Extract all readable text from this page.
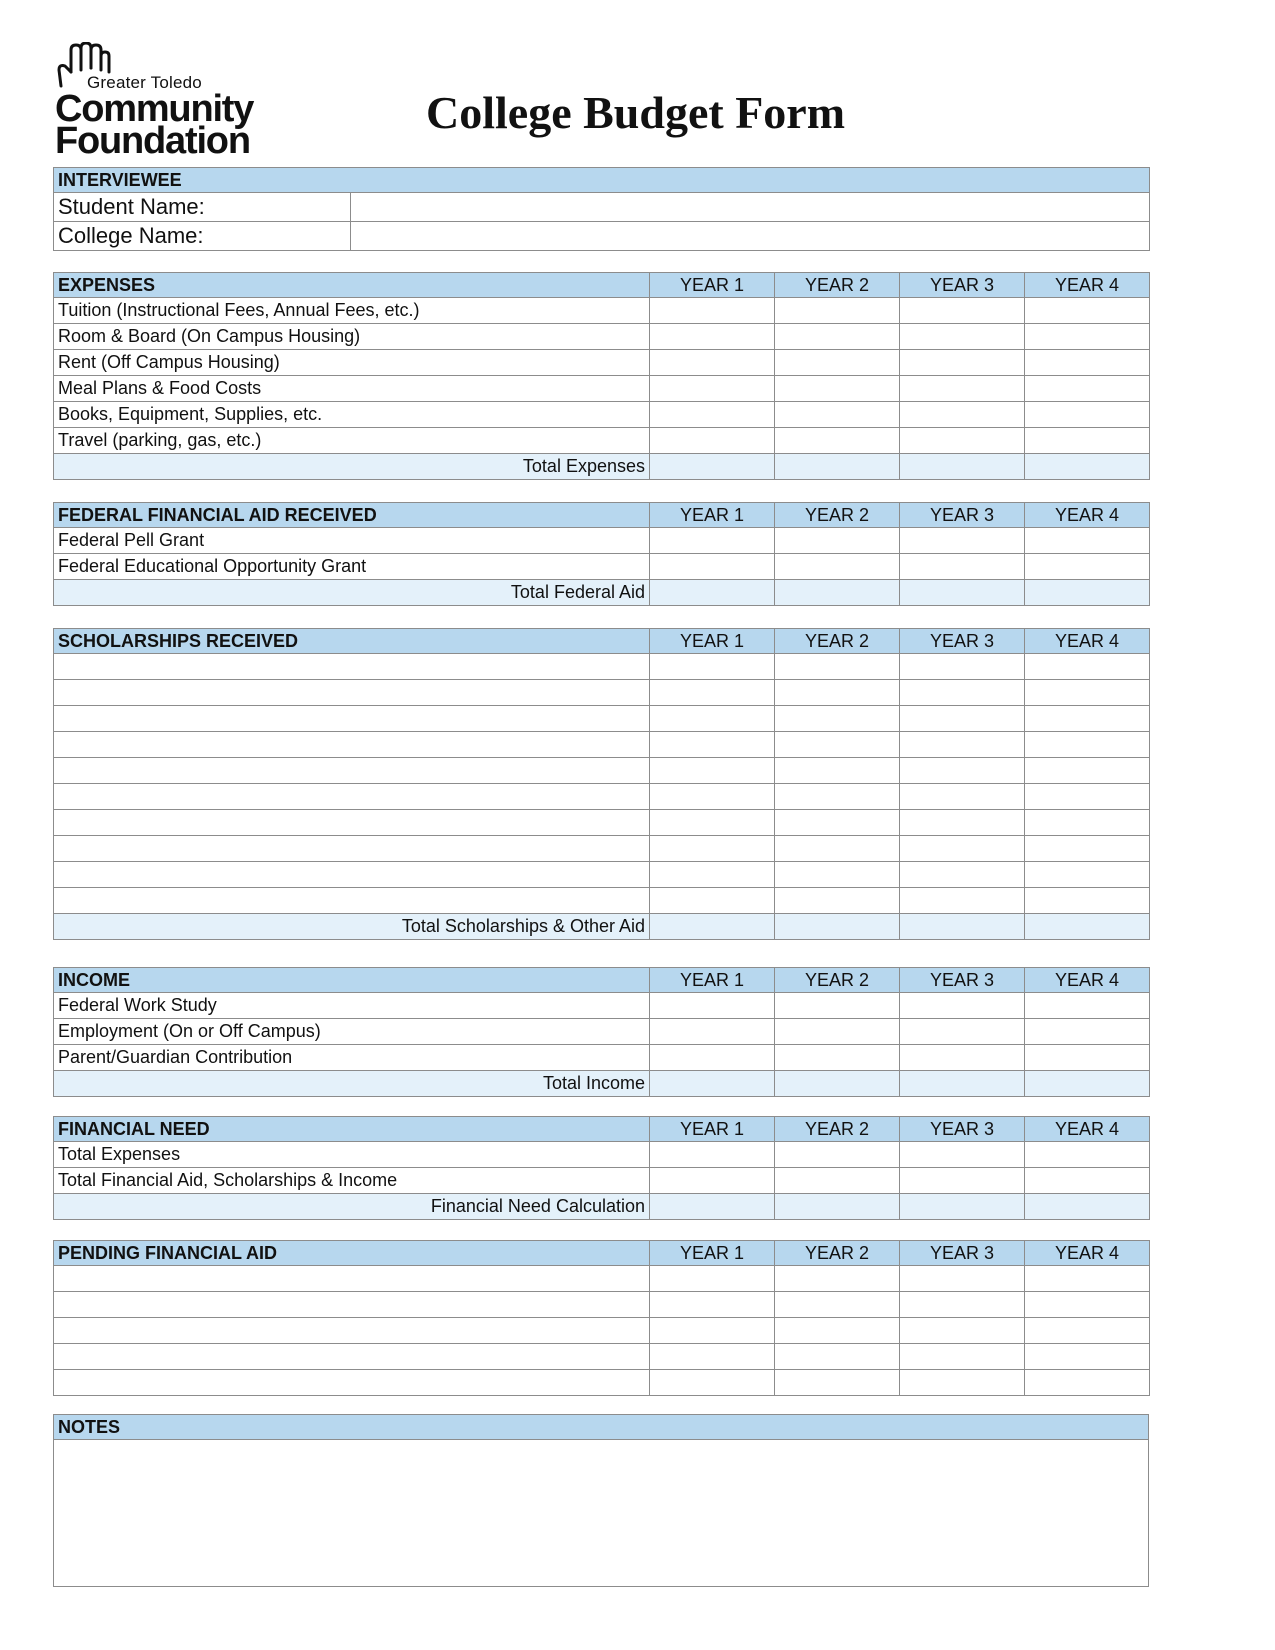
Greater Toledo
Community
Foundation
College Budget Form
INTERVIEWEE	
Student Name:	
College Name:	
EXPENSES	YEAR 1	YEAR 2	YEAR 3	YEAR 4
Tuition (Instructional Fees, Annual Fees, etc.)				
Room & Board (On Campus Housing)				
Rent (Off Campus Housing)				
Meal Plans & Food Costs				
Books, Equipment, Supplies, etc.				
Travel (parking, gas, etc.)				
Total Expenses				
FEDERAL FINANCIAL AID RECEIVED	YEAR 1	YEAR 2	YEAR 3	YEAR 4
Federal Pell Grant				
Federal Educational Opportunity Grant				
Total Federal Aid				
SCHOLARSHIPS RECEIVED	YEAR 1	YEAR 2	YEAR 3	YEAR 4

Total Scholarships & Other Aid				
INCOME	YEAR 1	YEAR 2	YEAR 3	YEAR 4
Federal Work Study				
Employment (On or Off Campus)				
Parent/Guardian Contribution				
Total Income				
FINANCIAL NEED	YEAR 1	YEAR 2	YEAR 3	YEAR 4
Total Expenses				
Total Financial Aid, Scholarships & Income				
Financial Need Calculation				
PENDING FINANCIAL AID	YEAR 1	YEAR 2	YEAR 3	YEAR 4

NOTES
